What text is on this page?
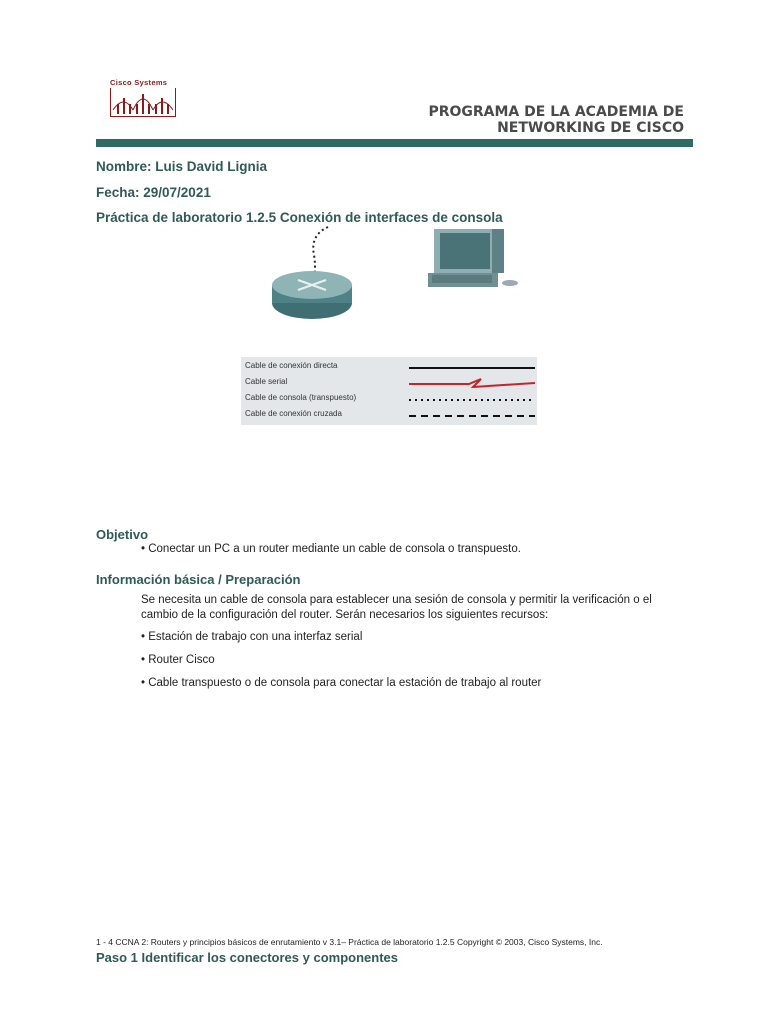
Cisco Systems
PROGRAMA DE LA ACADEMIA DE
NETWORKING DE CISCO
Nombre: Luis David Lignia
Fecha: 29/07/2021
Práctica de laboratorio 1.2.5 Conexión de interfaces de consola
Cable de conexión directa
Cable serial
Cable de consola (transpuesto)
Cable de conexión cruzada
Objetivo
• Conectar un PC a un router mediante un cable de consola o transpuesto.
Información básica / Preparación
Se necesita un cable de consola para establecer una sesión de consola y permitir la verificación o el
cambio de la configuración del router. Serán necesarios los siguientes recursos:
• Estación de trabajo con una interfaz serial
• Router Cisco
• Cable transpuesto o de consola para conectar la estación de trabajo al router
1 - 4 CCNA 2: Routers y principios básicos de enrutamiento v 3.1– Práctica de laboratorio 1.2.5 Copyright © 2003, Cisco Systems, Inc.
Paso 1 Identificar los conectores y componentes
